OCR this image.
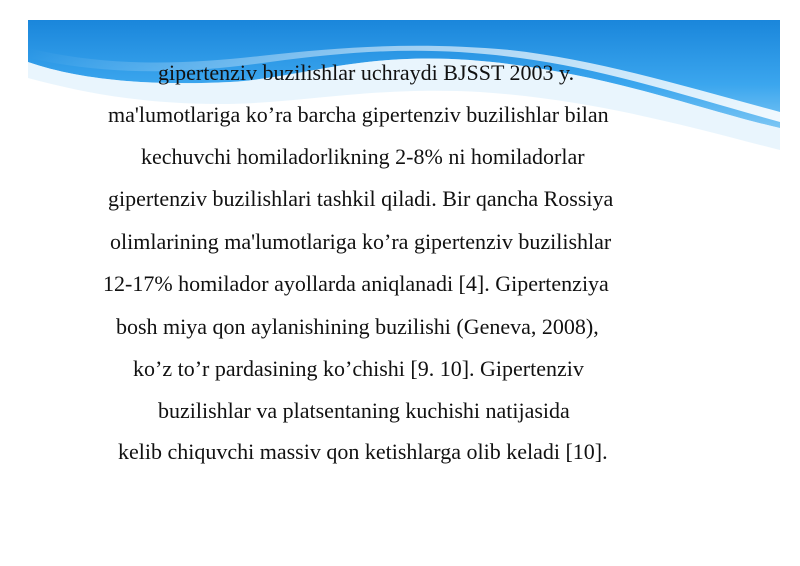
gipertenziv buzilishlar uchraydi BJSST 2003 y.
ma'lumotlariga ko’ra barcha gipertenziv buzilishlar bilan
kechuvchi homiladorlikning 2-8% ni homiladorlar
gipertenziv buzilishlari tashkil qiladi. Bir qancha Rossiya
olimlarining ma'lumotlariga ko’ra gipertenziv buzilishlar
12-17% homilador ayollarda aniqlanadi [4]. Gipertenziya
bosh miya qon aylanishining buzilishi (Geneva, 2008),
ko’z to’r pardasining ko’chishi [9. 10]. Gipertenziv
buzilishlar va platsentaning kuchishi natijasida
kelib chiquvchi massiv qon ketishlarga olib keladi [10].
